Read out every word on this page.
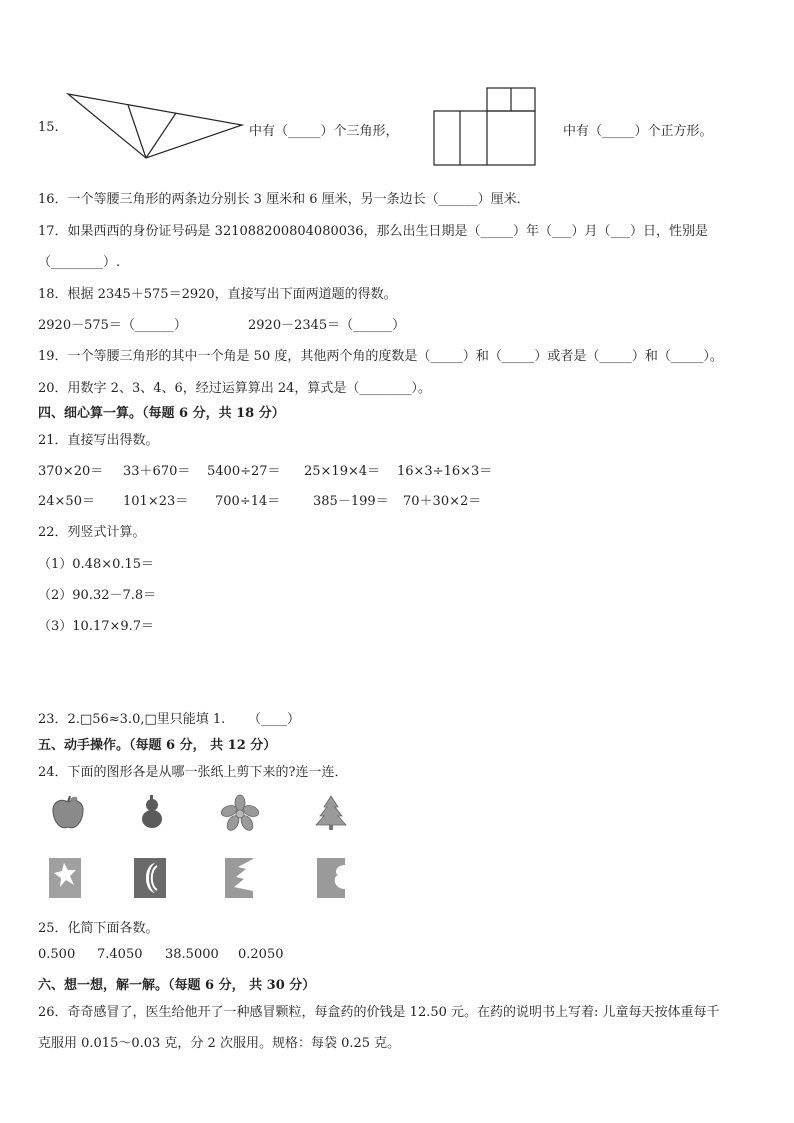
15.	中有（_____）个三角形，	中有（_____）个正方形。
16．一个等腰三角形的两条边分别长 3 厘米和 6 厘米，另一条边长（______）厘米．
17．如果西西的身份证号码是 321088200804080036，那么出生日期是（_____）年（___）月（___）日，性别是
（________）.
18．根据 2345＋575＝2920，直接写出下面两道题的得数。
2920－575＝（______）	2920－2345＝（______）
19．一个等腰三角形的其中一个角是 50 度，其他两个角的度数是（_____）和（_____）或者是（_____）和（_____）。
20．用数字 2、3、4、6，经过运算算出 24，算式是（________）。
四、细心算一算。（每题 6 分，共 18 分）
21．直接写出得数。
370×20＝ 33＋670＝ 5400÷27＝ 25×19×4＝ 16×3÷16×3＝
24×50＝ 101×23＝ 700÷14＝	385－199＝ 70＋30×2＝
22．列竖式计算。
（1）0.48×0.15＝
（2）90.32－7.8＝
（3）10.17×9.7＝
23．2.□56≈3.0,□里只能填 1. （____）
五、动手操作。（每题 6 分， 共 12 分）
24．下面的图形各是从哪一张纸上剪下来的?连一连．
25．化简下面各数。
0.500 7.4050 38.5000 0.2050
六、想一想，解一解。（每题 6 分， 共 30 分）
26．奇奇感冒了，医生给他开了一种感冒颗粒，每盒药的价钱是 12.50 元。在药的说明书上写着: 儿童每天按体重每千
克服用 0.015～0.03 克，分 2 次服用。规格：每袋 0.25 克。
